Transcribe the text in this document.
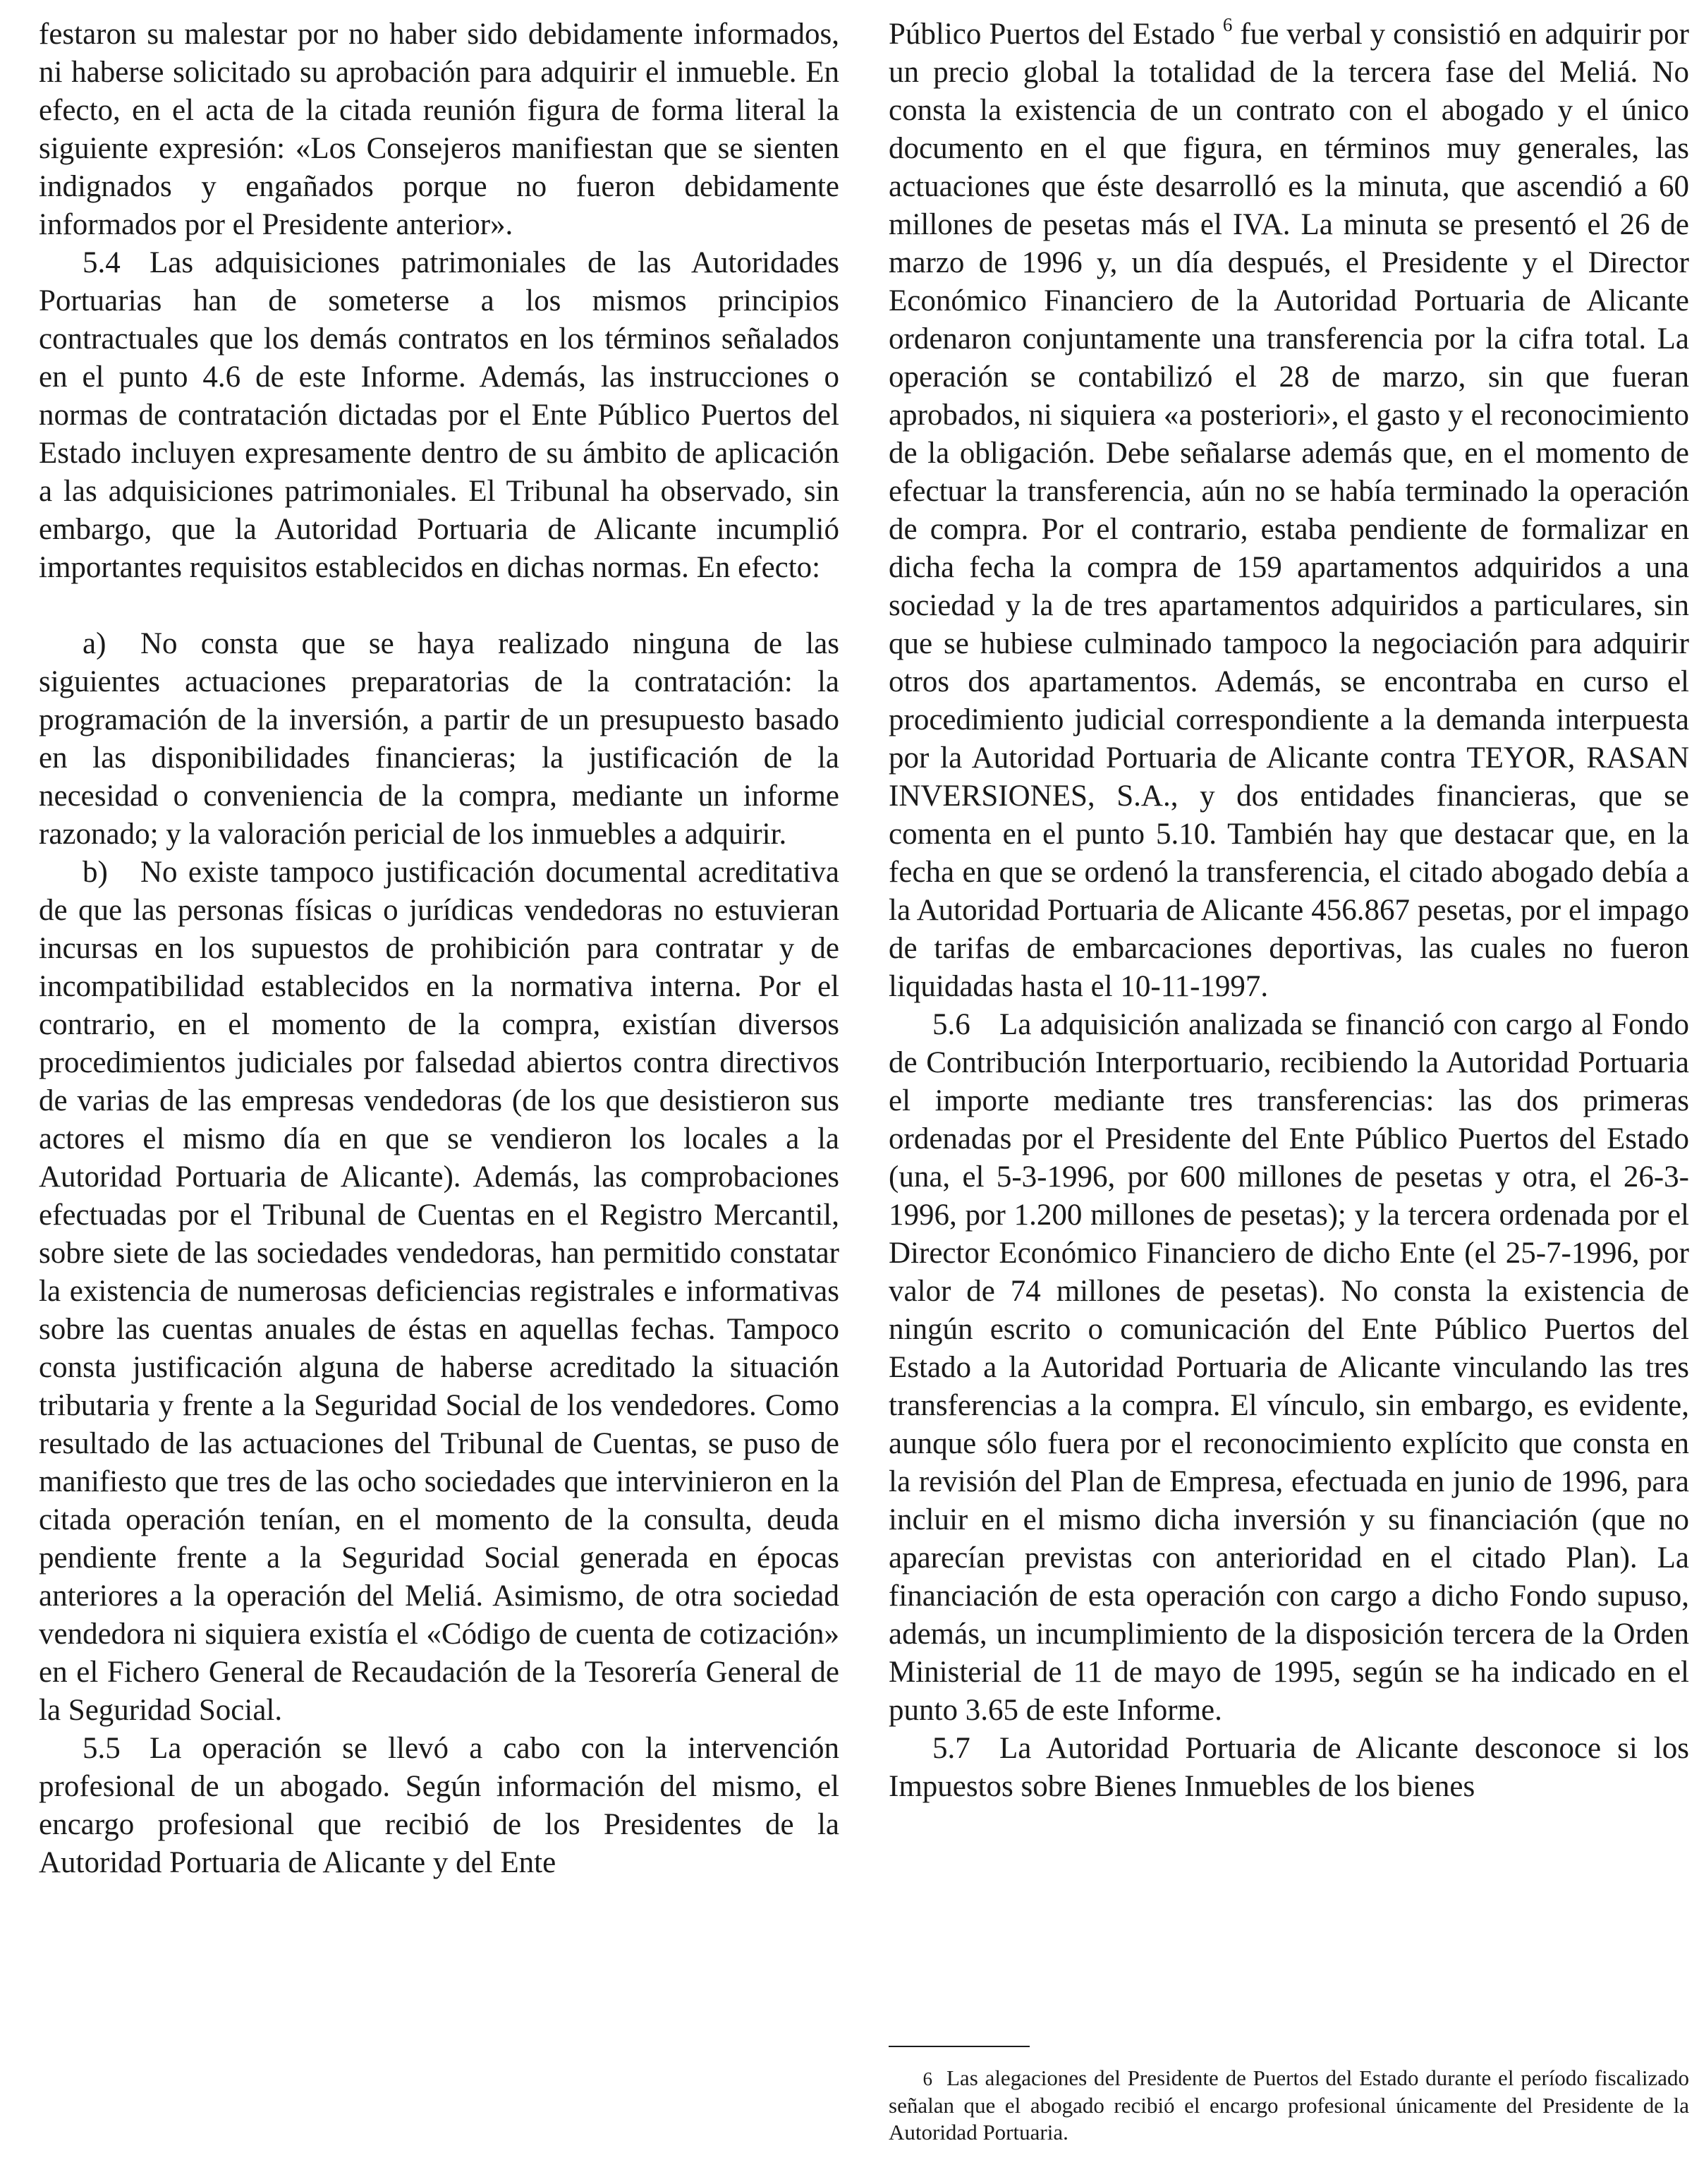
festaron su malestar por no haber sido debidamente informados, ni haberse solicitado su aprobación para adquirir el inmueble. En efecto, en el acta de la citada reunión figura de forma literal la siguiente expresión: «Los Consejeros manifiestan que se sienten indignados y engañados porque no fueron debidamente informados por el Presidente anterior».

5.4 Las adquisiciones patrimoniales de las Autoridades Portuarias han de someterse a los mismos principios contractuales que los demás contratos en los términos señalados en el punto 4.6 de este Informe. Además, las instrucciones o normas de contratación dictadas por el Ente Público Puertos del Estado incluyen expresamente dentro de su ámbito de aplicación a las adquisiciones patrimoniales. El Tribunal ha observado, sin embargo, que la Autoridad Portuaria de Alicante incumplió importantes requisitos establecidos en dichas normas. En efecto:

a) No consta que se haya realizado ninguna de las siguientes actuaciones preparatorias de la contratación: la programación de la inversión, a partir de un presupuesto basado en las disponibilidades financieras; la justificación de la necesidad o conveniencia de la compra, mediante un informe razonado; y la valoración pericial de los inmuebles a adquirir.

b) No existe tampoco justificación documental acreditativa de que las personas físicas o jurídicas vendedoras no estuvieran incursas en los supuestos de prohibición para contratar y de incompatibilidad establecidos en la normativa interna. Por el contrario, en el momento de la compra, existían diversos procedimientos judiciales por falsedad abiertos contra directivos de varias de las empresas vendedoras (de los que desistieron sus actores el mismo día en que se vendieron los locales a la Autoridad Portuaria de Alicante). Además, las comprobaciones efectuadas por el Tribunal de Cuentas en el Registro Mercantil, sobre siete de las sociedades vendedoras, han permitido constatar la existencia de numerosas deficiencias registrales e informativas sobre las cuentas anuales de éstas en aquellas fechas. Tampoco consta justificación alguna de haberse acreditado la situación tributaria y frente a la Seguridad Social de los vendedores. Como resultado de las actuaciones del Tribunal de Cuentas, se puso de manifiesto que tres de las ocho sociedades que intervinieron en la citada operación tenían, en el momento de la consulta, deuda pendiente frente a la Seguridad Social generada en épocas anteriores a la operación del Meliá. Asimismo, de otra sociedad vendedora ni siquiera existía el «Código de cuenta de cotización» en el Fichero General de Recaudación de la Tesorería General de la Seguridad Social.

5.5 La operación se llevó a cabo con la intervención profesional de un abogado. Según información del mismo, el encargo profesional que recibió de los Presidentes de la Autoridad Portuaria de Alicante y del Ente

Público Puertos del Estado $^6$ fue verbal y consistió en adquirir por un precio global la totalidad de la tercera fase del Meliá. No consta la existencia de un contrato con el abogado y el único documento en el que figura, en términos muy generales, las actuaciones que éste desarrolló es la minuta, que ascendió a 60 millones de pesetas más el IVA. La minuta se presentó el 26 de marzo de 1996 y, un día después, el Presidente y el Director Económico Financiero de la Autoridad Portuaria de Alicante ordenaron conjuntamente una transferencia por la cifra total. La operación se contabilizó el 28 de marzo, sin que fueran aprobados, ni siquiera «a posteriori», el gasto y el reconocimiento de la obligación. Debe señalarse además que, en el momento de efectuar la transferencia, aún no se había terminado la operación de compra. Por el contrario, estaba pendiente de formalizar en dicha fecha la compra de 159 apartamentos adquiridos a una sociedad y la de tres apartamentos adquiridos a particulares, sin que se hubiese culminado tampoco la negociación para adquirir otros dos apartamentos. Además, se encontraba en curso el procedimiento judicial correspondiente a la demanda interpuesta por la Autoridad Portuaria de Alicante contra TEYOR, RASAN INVERSIONES, S.A., y dos entidades financieras, que se comenta en el punto 5.10. También hay que destacar que, en la fecha en que se ordenó la transferencia, el citado abogado debía a la Autoridad Portuaria de Alicante 456.867 pesetas, por el impago de tarifas de embarcaciones deportivas, las cuales no fueron liquidadas hasta el 10-11-1997.

5.6 La adquisición analizada se financió con cargo al Fondo de Contribución Interportuario, recibiendo la Autoridad Portuaria el importe mediante tres transferencias: las dos primeras ordenadas por el Presidente del Ente Público Puertos del Estado (una, el 5-3-1996, por 600 millones de pesetas y otra, el 26-3-1996, por 1.200 millones de pesetas); y la tercera ordenada por el Director Económico Financiero de dicho Ente (el 25-7-1996, por valor de 74 millones de pesetas). No consta la existencia de ningún escrito o comunicación del Ente Público Puertos del Estado a la Autoridad Portuaria de Alicante vinculando las tres transferencias a la compra. El vínculo, sin embargo, es evidente, aunque sólo fuera por el reconocimiento explícito que consta en la revisión del Plan de Empresa, efectuada en junio de 1996, para incluir en el mismo dicha inversión y su financiación (que no aparecían previstas con anterioridad en el citado Plan). La financiación de esta operación con cargo a dicho Fondo supuso, además, un incumplimiento de la disposición tercera de la Orden Ministerial de 11 de mayo de 1995, según se ha indicado en el punto 3.65 de este Informe.

5.7 La Autoridad Portuaria de Alicante desconoce si los Impuestos sobre Bienes Inmuebles de los bienes

6 Las alegaciones del Presidente de Puertos del Estado durante el período fiscalizado señalan que el abogado recibió el encargo profesional únicamente del Presidente de la Autoridad Portuaria.
